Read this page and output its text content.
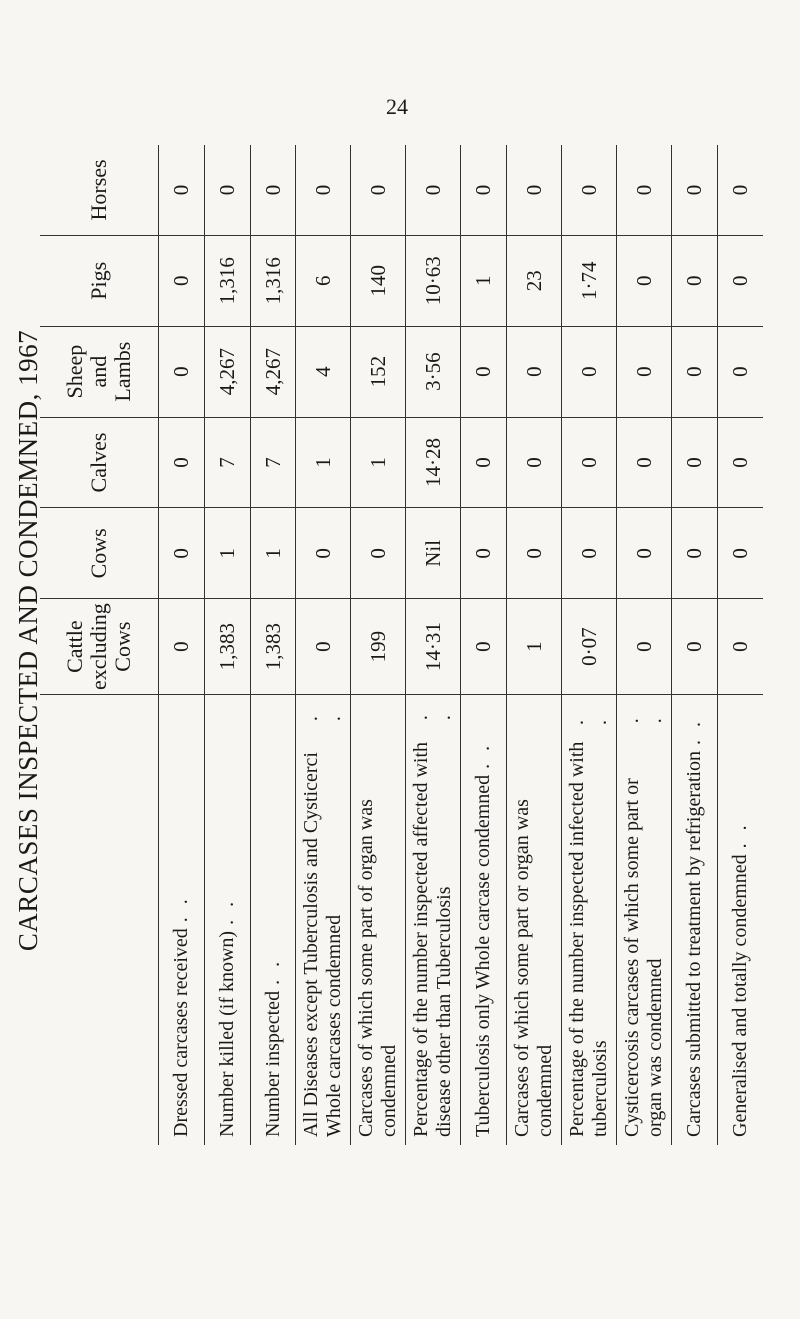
24
CARCASES INSPECTED AND CONDEMNED, 1967 Cattle excluding Cows
Cows
Calves
Sheep and Lambs
Pigs
Horses
Dressed carcases received
. .
0
0
0
0
0
0
Number killed (if known)
. .
1,383
1
7
4,267
1,316
0
Number inspected
. .
1,383
1
7
4,267
1,316
0
All Diseases except Tuberculosis and Cysticerci Whole carcases condemned
. .
0
0
1
4
6
0
Carcases of which some part of organ was condemned
199
0
1
152
140
0
Percentage of the number inspected affected with disease other than Tuberculosis
. .
14·31
Nil
14·28
3·56
10·63
0
Tuberculosis only Whole carcase condemned
. .
0
0
0
0
1
0
Carcases of which some part or organ was condemned
1
0
0
0
23
0
Percentage of the number inspected infected with tuberculosis
. .
0·07
0
0
0
1·74
0
Cysticercosis carcases of which some part or organ was condemned
. .
0
0
0
0
0
0
Carcases submitted to treatment by refrigeration
. .
0
0
0
0
0
0
Generalised and totally condemned
. .
0
0
0
0
0
0
